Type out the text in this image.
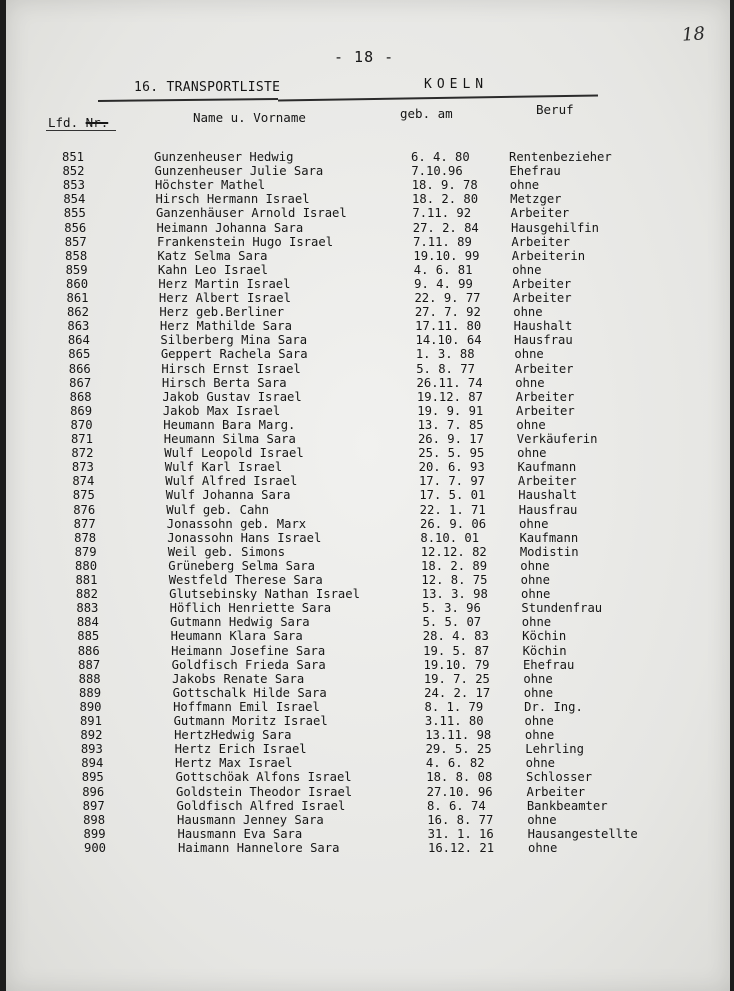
- 18 -
18
16. TRANSPORTLISTE	KOELN
Lfd. Nr.	Name u. Vorname	geb. am	Beruf
851	Gunzenheuser Hedwig	6. 4. 80	Rentenbezieher
852	Gunzenheuser Julie Sara	7.10.96	Ehefrau
853	Höchster Mathel	18. 9. 78	ohne
854	Hirsch Hermann Israel	18. 2. 80	Metzger
855	Ganzenhäuser Arnold Israel	7.11. 92	Arbeiter
856	Heimann Johanna Sara	27. 2. 84	Hausgehilfin
857	Frankenstein Hugo Israel	7.11. 89	Arbeiter
858	Katz Selma Sara	19.10. 99	Arbeiterin
859	Kahn Leo Israel	4. 6. 81	ohne
860	Herz Martin Israel	9. 4. 99	Arbeiter
861	Herz Albert Israel	22. 9. 77	Arbeiter
862	Herz geb.Berliner	27. 7. 92	ohne
863	Herz Mathilde Sara	17.11. 80	Haushalt
864	Silberberg Mina Sara	14.10. 64	Hausfrau
865	Geppert Rachela Sara	1. 3. 88	ohne
866	Hirsch Ernst Israel	5. 8. 77	Arbeiter
867	Hirsch Berta Sara	26.11. 74	ohne
868	Jakob Gustav Israel	19.12. 87	Arbeiter
869	Jakob Max Israel	19. 9. 91	Arbeiter
870	Heumann Bara Marg.	13. 7. 85	ohne
871	Heumann Silma Sara	26. 9. 17	Verkäuferin
872	Wulf Leopold Israel	25. 5. 95	ohne
873	Wulf Karl Israel	20. 6. 93	Kaufmann
874	Wulf Alfred Israel	17. 7. 97	Arbeiter
875	Wulf Johanna Sara	17. 5. 01	Haushalt
876	Wulf geb. Cahn	22. 1. 71	Hausfrau
877	Jonassohn geb. Marx	26. 9. 06	ohne
878	Jonassohn Hans Israel	8.10. 01	Kaufmann
879	Weil geb. Simons	12.12. 82	Modistin
880	Grüneberg Selma Sara	18. 2. 89	ohne
881	Westfeld Therese Sara	12. 8. 75	ohne
882	Glutsebinsky Nathan Israel	13. 3. 98	ohne
883	Höflich Henriette Sara	5. 3. 96	Stundenfrau
884	Gutmann Hedwig Sara	5. 5. 07	ohne
885	Heumann Klara Sara	28. 4. 83	Köchin
886	Heimann Josefine Sara	19. 5. 87	Köchin
887	Goldfisch Frieda Sara	19.10. 79	Ehefrau
888	Jakobs Renate Sara	19. 7. 25	ohne
889	Gottschalk Hilde Sara	24. 2. 17	ohne
890	Hoffmann Emil Israel	8. 1. 79	Dr. Ing.
891	Gutmann Moritz Israel	3.11. 80	ohne
892	HertzHedwig Sara	13.11. 98	ohne
893	Hertz Erich Israel	29. 5. 25	Lehrling
894	Hertz Max Israel	4. 6. 82	ohne
895	Gottschöak Alfons Israel	18. 8. 08	Schlosser
896	Goldstein Theodor Israel	27.10. 96	Arbeiter
897	Goldfisch Alfred Israel	8. 6. 74	Bankbeamter
898	Hausmann Jenney Sara	16. 8. 77	ohne
899	Hausmann Eva Sara	31. 1. 16	Hausangestellte
900	Haimann Hannelore Sara	16.12. 21	ohne
